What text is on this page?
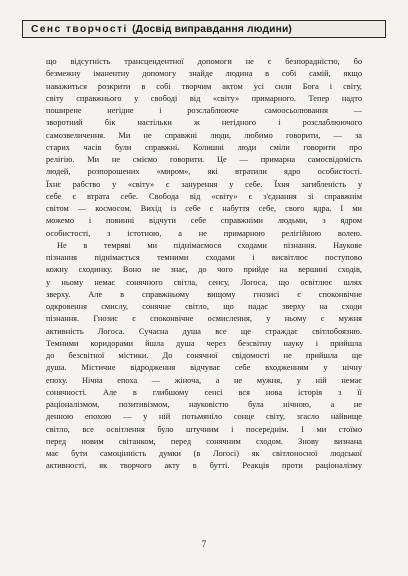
Сенс творчості
(Досвід виправдання людини)

що відсутність трансцендентної допомоги не є безпорадністю, бо

безмежну іманентну допомогу знайде людина в собі самій, якщо

наважиться розкрити в собі творчим актом усі сили Бога і світу,

світу справжнього у свободі від «світу» примарного. Тепер надто

поширене негідне і розслаблююче самоосьолювання —

зворотний бік настільки ж негідного і розслаблюючого

самозвеличення. Ми не справжні люди, любимо говорити, — за

старих часів були справжні. Колишні люди сміли говорити про

релігію. Ми не сміємо говорити. Це — примарна самосвідомість

людей, розпорошених «миром», які втратили ядро особистості.

Їхнє рабство у «світу» є занурення у себе. Їхня загибленість у

себе є втрата себе. Свобода від «світу» є з'єднання зі справжнім

світом — космосом. Вихід із себе є набуття себе, свого ядра. І ми

можемо і повинні відчути себе справжніми людьми, з ядром

особистості, з істотною, а не примарною релігійною волею.

Не в темряві ми піднімаємося сходами пізнання. Наукове

пізнання піднімається темними сходами і висвітлює поступово

кожну сходинку. Воно не знає, до чого прийде на вершині сходів,

у ньому немає сонячного світла, сенсу, Логоса, що освітлює шлях

зверху. Але в справжньому вищому гнозисі є споконвічне

одкровення смислу, сонячне світло, що падає зверху на сходи

пізнання. Гнозис є споконвічне осмислення, у ньому є мужня

активність Логоса. Сучасна душа все ще страждає світлобоязню.

Темними коридорами йшла душа через безсвітну науку і прийшла

до безсвітної містики. До сонячної свідомості не прийшла ще

душа. Містичне відродження відчуває себе входженням у нічну

епоху. Нічна епоха — жіноча, а не мужня, у ній немає

сонячності. Але в глибшому сенсі вся нова історія з її

раціоналізмом, позитивізмом, науковістю була нічною, а не

денною епохою — у ній потьмяніло сонце світу, згасло найвище

світло, все освітлення було штучним і посереднім. І ми стоїмо

перед новим світанком, перед сонячним сходом. Знову визнана

має бути самоцінність думки (в Логосі) як світлоносної людської

активності, як творчого акту в бутті. Реакція проти раціоналізму

7
